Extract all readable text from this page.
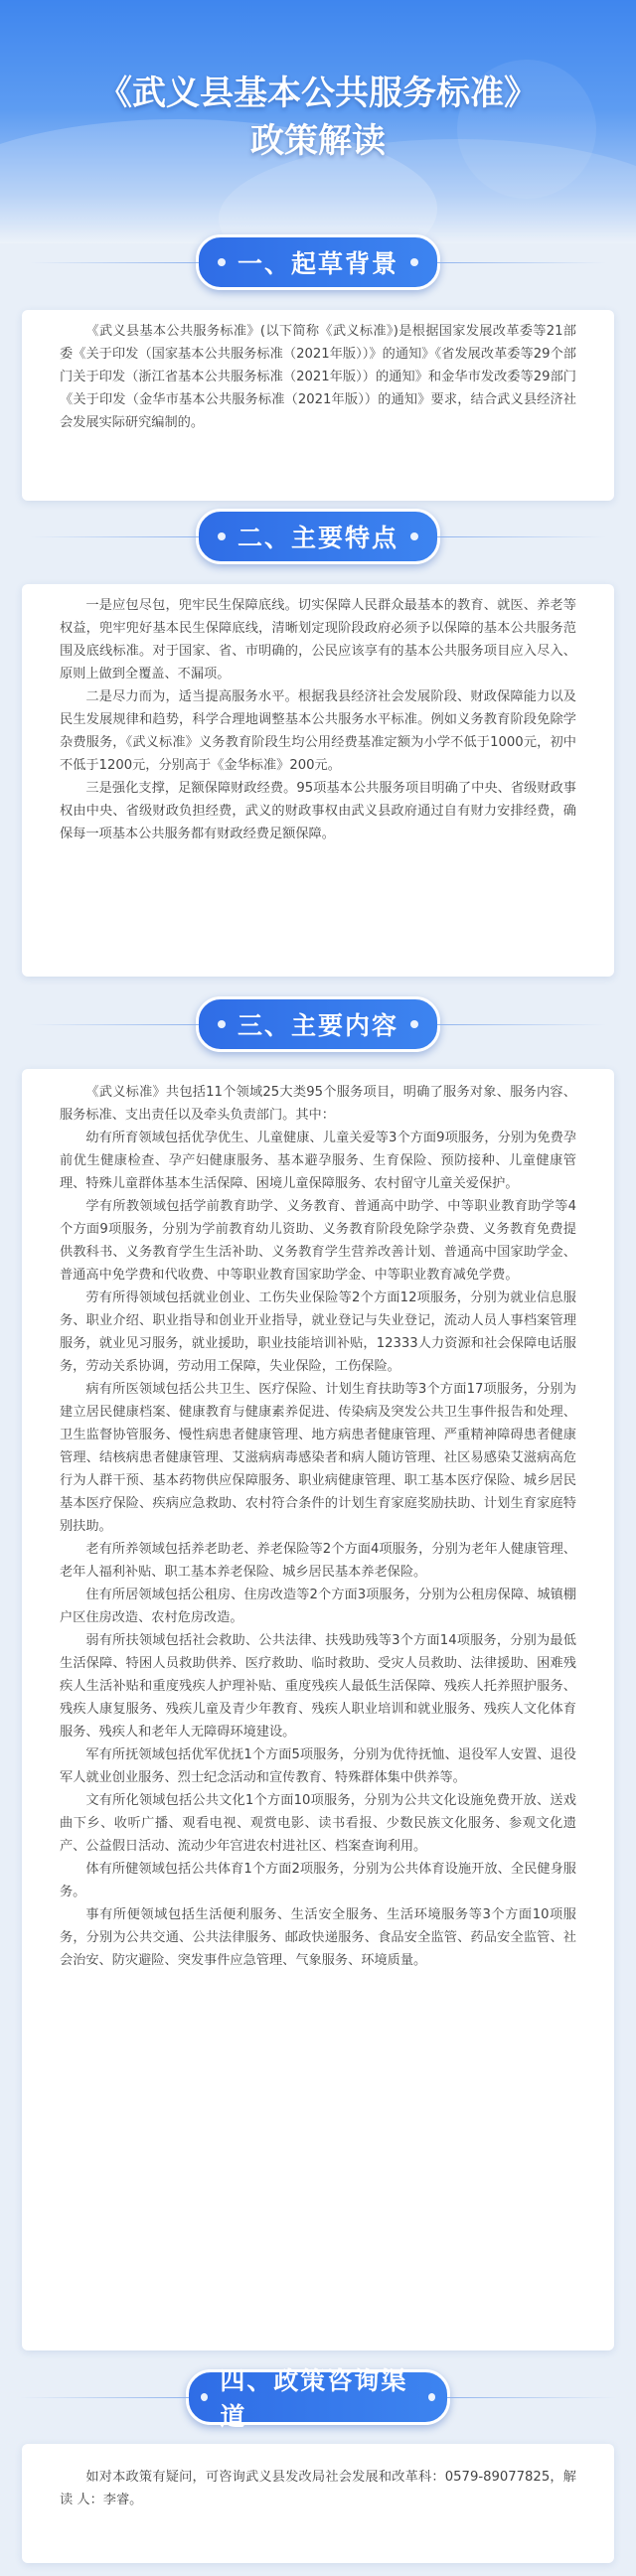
《武义县基本公共服务标准》
政策解读
一、起草背景

《武义县基本公共服务标准》(以下简称《武义标准》)是根据国家发展改革委等21部委《关于印发（国家基本公共服务标准（2021年版））》的通知》《省发展改革委等29个部门关于印发（浙江省基本公共服务标准（2021年版））的通知》和金华市发改委等29部门《关于印发（金华市基本公共服务标准（2021年版））的通知》要求，结合武义县经济社会发展实际研究编制的。

二、主要特点

一是应包尽包，兜牢民生保障底线。切实保障人民群众最基本的教育、就医、养老等权益，兜牢兜好基本民生保障底线，清晰划定现阶段政府必须予以保障的基本公共服务范围及底线标准。对于国家、省、市明确的，公民应该享有的基本公共服务项目应入尽入、原则上做到全覆盖、不漏项。

二是尽力而为，适当提高服务水平。根据我县经济社会发展阶段、财政保障能力以及民生发展规律和趋势，科学合理地调整基本公共服务水平标准。例如义务教育阶段免除学杂费服务，《武义标准》义务教育阶段生均公用经费基准定额为小学不低于1000元，初中不低于1200元，分别高于《金华标准》200元。

三是强化支撑，足额保障财政经费。95项基本公共服务项目明确了中央、省级财政事权由中央、省级财政负担经费，武义的财政事权由武义县政府通过自有财力安排经费，确保每一项基本公共服务都有财政经费足额保障。

三、主要内容

《武义标准》共包括11个领域25大类95个服务项目，明确了服务对象、服务内容、服务标准、支出责任以及牵头负责部门。其中：

幼有所育领域包括优孕优生、儿童健康、儿童关爱等3个方面9项服务，分别为免费孕前优生健康检查、孕产妇健康服务、基本避孕服务、生育保险、预防接种、儿童健康管理、特殊儿童群体基本生活保障、困境儿童保障服务、农村留守儿童关爱保护。

学有所教领域包括学前教育助学、义务教育、普通高中助学、中等职业教育助学等4个方面9项服务，分别为学前教育幼儿资助、义务教育阶段免除学杂费、义务教育免费提供教科书、义务教育学生生活补助、义务教育学生营养改善计划、普通高中国家助学金、普通高中免学费和代收费、中等职业教育国家助学金、中等职业教育减免学费。

劳有所得领域包括就业创业、工伤失业保险等2个方面12项服务，分别为就业信息服务、职业介绍、职业指导和创业开业指导，就业登记与失业登记，流动人员人事档案管理服务，就业见习服务，就业援助，职业技能培训补贴，12333人力资源和社会保障电话服务，劳动关系协调，劳动用工保障，失业保险，工伤保险。

病有所医领域包括公共卫生、医疗保险、计划生育扶助等3个方面17项服务，分别为建立居民健康档案、健康教育与健康素养促进、传染病及突发公共卫生事件报告和处理、卫生监督协管服务、慢性病患者健康管理、地方病患者健康管理、严重精神障碍患者健康管理、结核病患者健康管理、艾滋病病毒感染者和病人随访管理、社区易感染艾滋病高危行为人群干预、基本药物供应保障服务、职业病健康管理、职工基本医疗保险、城乡居民基本医疗保险、疾病应急救助、农村符合条件的计划生育家庭奖励扶助、计划生育家庭特别扶助。

老有所养领域包括养老助老、养老保险等2个方面4项服务，分别为老年人健康管理、老年人福利补贴、职工基本养老保险、城乡居民基本养老保险。

住有所居领域包括公租房、住房改造等2个方面3项服务，分别为公租房保障、城镇棚户区住房改造、农村危房改造。

弱有所扶领域包括社会救助、公共法律、扶残助残等3个方面14项服务，分别为最低生活保障、特困人员救助供养、医疗救助、临时救助、受灾人员救助、法律援助、困难残疾人生活补贴和重度残疾人护理补贴、重度残疾人最低生活保障、残疾人托养照护服务、残疾人康复服务、残疾儿童及青少年教育、残疾人职业培训和就业服务、残疾人文化体育服务、残疾人和老年人无障碍环境建设。

军有所抚领域包括优军优抚1个方面5项服务，分别为优待抚恤、退役军人安置、退役军人就业创业服务、烈士纪念活动和宣传教育、特殊群体集中供养等。

文有所化领域包括公共文化1个方面10项服务，分别为公共文化设施免费开放、送戏曲下乡、收听广播、观看电视、观赏电影、读书看报、少数民族文化服务、参观文化遗产、公益假日活动、流动少年宫进农村进社区、档案查询利用。

体有所健领域包括公共体育1个方面2项服务，分别为公共体育设施开放、全民健身服务。

事有所便领域包括生活便利服务、生活安全服务、生活环境服务等3个方面10项服务，分别为公共交通、公共法律服务、邮政快递服务、食品安全监管、药品安全监管、社会治安、防灾避险、突发事件应急管理、气象服务、环境质量。

四、政策咨询渠道

如对本政策有疑问，可咨询武义县发改局社会发展和改革科：0579-89077825，解 读 人：李睿。
